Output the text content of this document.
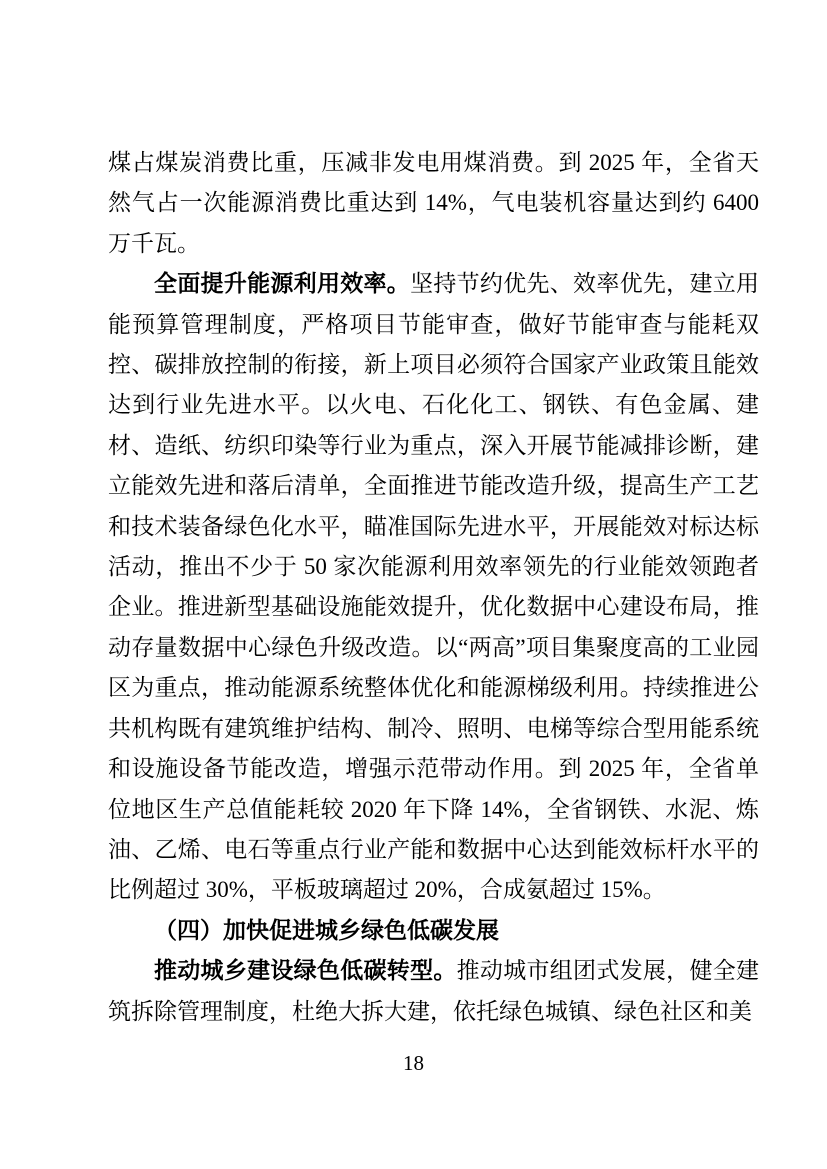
煤占煤炭消费比重，压减非发电用煤消费。到 2025 年，全省天然气占一次能源消费比重达到 14%，气电装机容量达到约 6400 万千瓦。

全面提升能源利用效率。坚持节约优先、效率优先，建立用能预算管理制度，严格项目节能审查，做好节能审查与能耗双控、碳排放控制的衔接，新上项目必须符合国家产业政策且能效达到行业先进水平。以火电、石化化工、钢铁、有色金属、建材、造纸、纺织印染等行业为重点，深入开展节能减排诊断，建立能效先进和落后清单，全面推进节能改造升级，提高生产工艺和技术装备绿色化水平，瞄准国际先进水平，开展能效对标达标活动，推出不少于 50 家次能源利用效率领先的行业能效领跑者企业。推进新型基础设施能效提升，优化数据中心建设布局，推动存量数据中心绿色升级改造。以“两高”项目集聚度高的工业园区为重点，推动能源系统整体优化和能源梯级利用。持续推进公共机构既有建筑维护结构、制冷、照明、电梯等综合型用能系统和设施设备节能改造，增强示范带动作用。到 2025 年，全省单位地区生产总值能耗较 2020 年下降 14%，全省钢铁、水泥、炼油、乙烯、电石等重点行业产能和数据中心达到能效标杆水平的比例超过 30%，平板玻璃超过 20%，合成氨超过 15%。

（四）加快促进城乡绿色低碳发展

推动城乡建设绿色低碳转型。推动城市组团式发展，健全建筑拆除管理制度，杜绝大拆大建，依托绿色城镇、绿色社区和美

18
